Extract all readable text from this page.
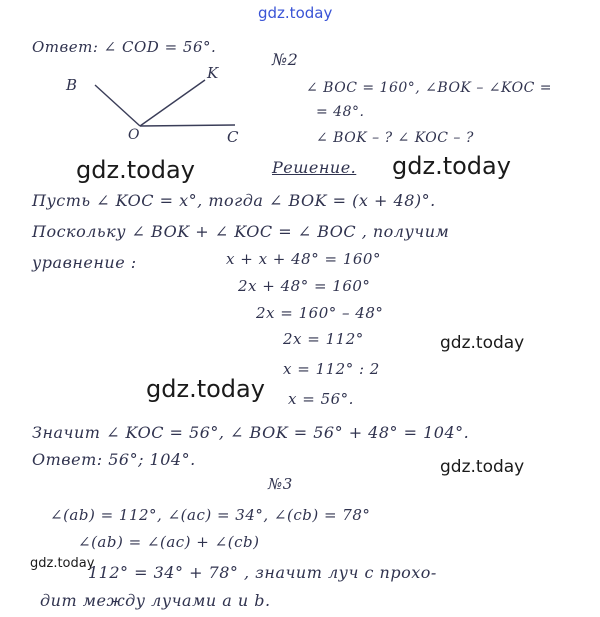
gdz.today
gdz.today	gdz.today
gdz.today
gdz.today
gdz.today
gdz.today
B
K
O	C
Ответ: ∠ COD = 56°.
№2
∠ BOC = 160°, ∠BOK – ∠KOC =
= 48°.
∠ BOK – ? ∠ KOC – ?
Решение.
Пусть ∠ KOC = x°, тогда ∠ BOK = (x + 48)°.
Поскольку ∠ BOK + ∠ KOC = ∠ BOC , получим
уравнение :	x + x + 48° = 160°
2x + 48° = 160°
2x = 160° – 48°
2x = 112°
x = 112° : 2
x = 56°.
Значит ∠ KOC = 56°, ∠ BOK = 56° + 48° = 104°.
Ответ: 56°; 104°.
№3
∠(ab) = 112°, ∠(ac) = 34°, ∠(cb) = 78°
∠(ab) = ∠(ac) + ∠(cb)
112° = 34° + 78° , значит луч c прохо-
дит между лучами a и b.
